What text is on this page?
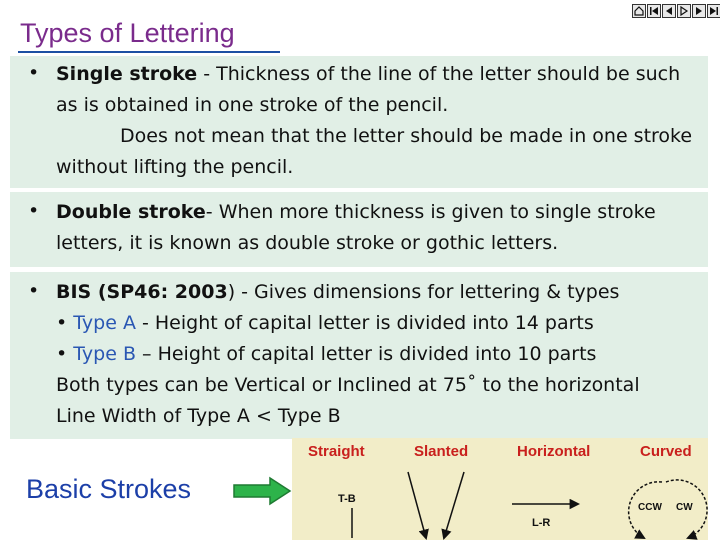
Types of Lettering
• Single stroke - Thickness of the line of the letter should be such as is obtained in one stroke of the pencil.
Does not mean that the letter should be made in one stroke without lifting the pencil.
• Double stroke- When more thickness is given to single stroke letters, it is known as double stroke or gothic letters.
• BIS (SP46: 2003) - Gives dimensions for lettering & types
• Type A - Height of capital letter is divided into 14 parts
• Type B – Height of capital letter is divided into 10 parts
Both types can be Vertical or Inclined at 75˚ to the horizontal
Line Width of Type A < Type B
Basic Strokes
Straight	Slanted	Horizontal	Curved
T-B
L-R
CCW CW
